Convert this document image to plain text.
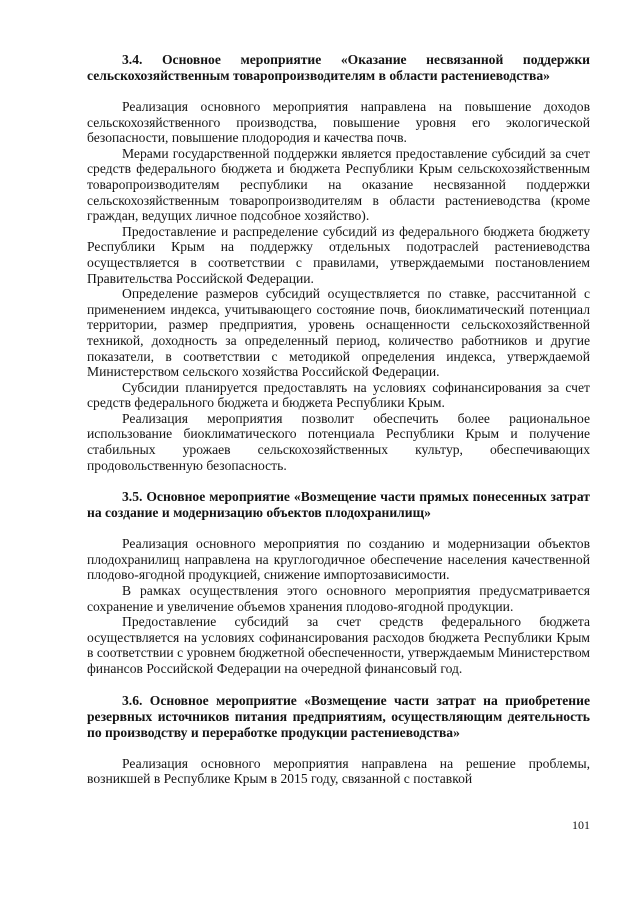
3.4. Основное мероприятие «Оказание несвязанной поддержки сельскохозяйственным товаропроизводителям в области растениеводства»

Реализация основного мероприятия направлена на повышение доходов сельскохозяйственного производства, повышение уровня его экологической безопасности, повышение плодородия и качества почв.

Мерами государственной поддержки является предоставление субсидий за счет средств федерального бюджета и бюджета Республики Крым сельскохозяйственным товаропроизводителям республики на оказание несвязанной поддержки сельскохозяйственным товаропроизводителям в области растениеводства (кроме граждан, ведущих личное подсобное хозяйство).

Предоставление и распределение субсидий из федерального бюджета бюджету Республики Крым на поддержку отдельных подотраслей растениеводства осуществляется в соответствии с правилами, утверждаемыми постановлением Правительства Российской Федерации.

Определение размеров субсидий осуществляется по ставке, рассчитанной с применением индекса, учитывающего состояние почв, биоклиматический потенциал территории, размер предприятия, уровень оснащенности сельскохозяйственной техникой, доходность за определенный период, количество работников и другие показатели, в соответствии с методикой определения индекса, утверждаемой Министерством сельского хозяйства Российской Федерации.

Субсидии планируется предоставлять на условиях софинансирования за счет средств федерального бюджета и бюджета Республики Крым.

Реализация мероприятия позволит обеспечить более рациональное использование биоклиматического потенциала Республики Крым и получение стабильных урожаев сельскохозяйственных культур, обеспечивающих продовольственную безопасность.

3.5. Основное мероприятие «Возмещение части прямых понесенных затрат на создание и модернизацию объектов плодохранилищ»

Реализация основного мероприятия по созданию и модернизации объектов плодохранилищ направлена на круглогодичное обеспечение населения качественной плодово-ягодной продукцией, снижение импортозависимости.

В рамках осуществления этого основного мероприятия предусматривается сохранение и увеличение объемов хранения плодово-ягодной продукции.

Предоставление субсидий за счет средств федерального бюджета осуществляется на условиях софинансирования расходов бюджета Республики Крым в соответствии с уровнем бюджетной обеспеченности, утверждаемым Министерством финансов Российской Федерации на очередной финансовый год.

3.6. Основное мероприятие «Возмещение части затрат на приобретение резервных источников питания предприятиям, осуществляющим деятельность по производству и переработке продукции растениеводства»

Реализация основного мероприятия направлена на решение проблемы, возникшей в Республике Крым в 2015 году, связанной с поставкой

101
